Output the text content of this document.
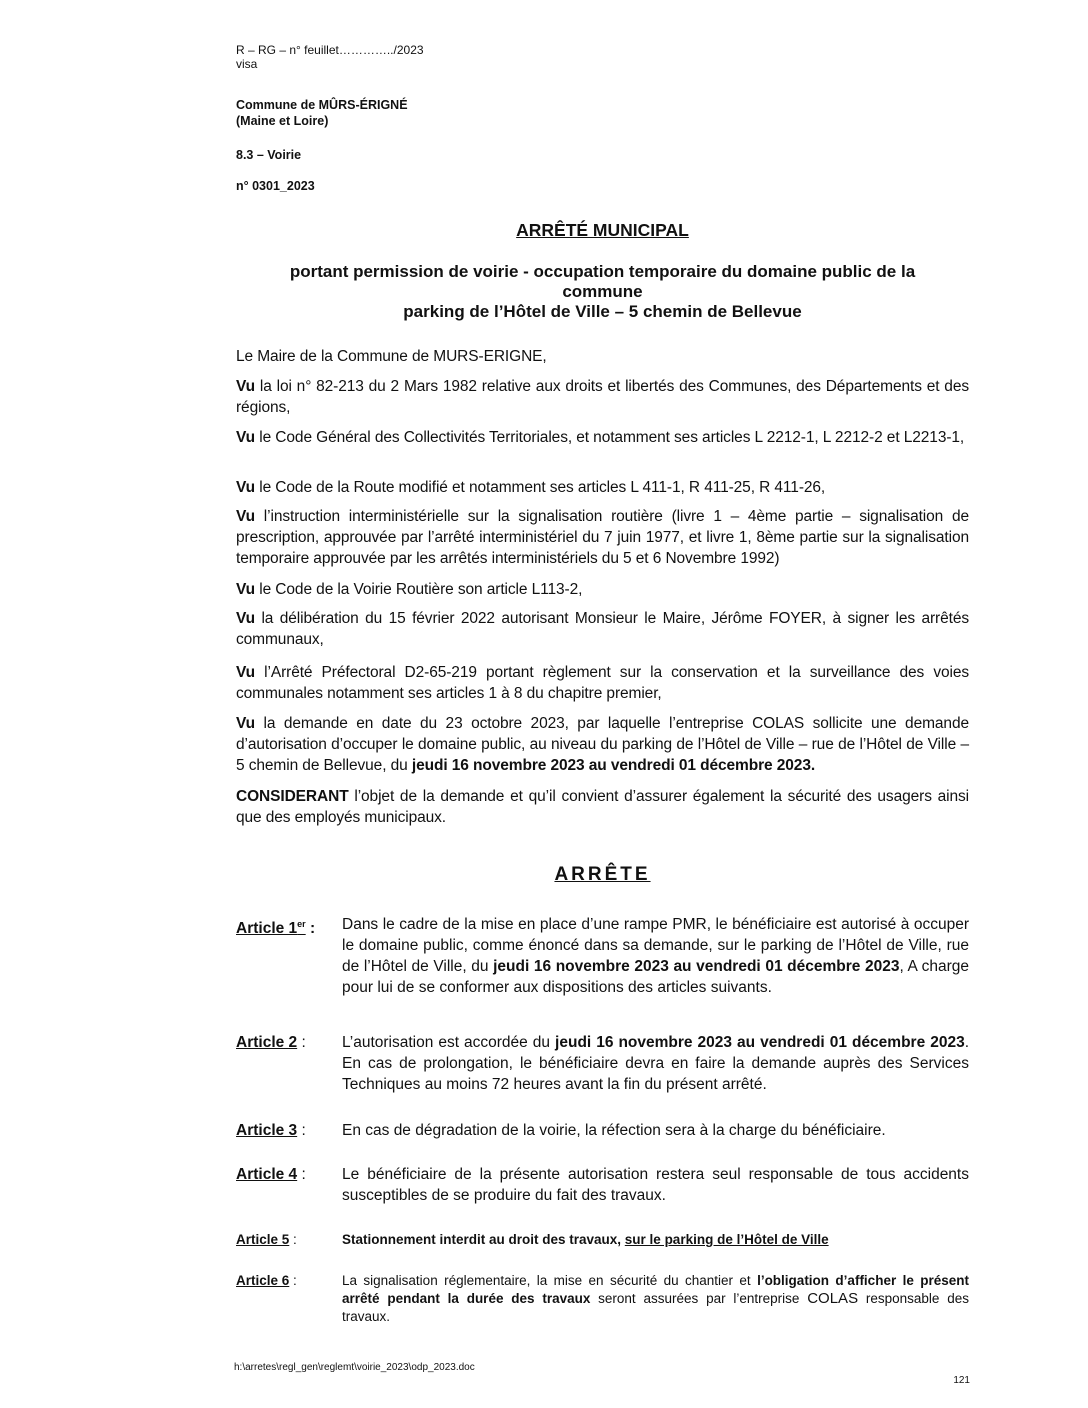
R – RG – n° feuillet…………../2023
visa
Commune de MÛRS-ÉRIGNÉ
(Maine et Loire)
8.3 – Voirie
n° 0301_2023
ARRÊTÉ MUNICIPAL
portant permission de voirie - occupation temporaire du domaine public de la
commune
parking de l’Hôtel de Ville – 5 chemin de Bellevue
Le Maire de la Commune de MURS-ERIGNE,
Vu la loi n° 82-213 du 2 Mars 1982 relative aux droits et libertés des Communes, des Départements et des régions,
Vu le Code Général des Collectivités Territoriales, et notamment ses articles L 2212-1, L 2212-2 et L2213-1,
Vu le Code de la Route modifié et notamment ses articles L 411-1, R 411-25, R 411-26,
Vu l’instruction interministérielle sur la signalisation routière (livre 1 – 4ème partie – signalisation de prescription, approuvée par l’arrêté interministériel du 7 juin 1977, et livre 1, 8ème partie sur la signalisation temporaire approuvée par les arrêtés interministériels du 5 et 6 Novembre 1992)
Vu le Code de la Voirie Routière son article L113-2,
Vu la délibération du 15 février 2022 autorisant Monsieur le Maire, Jérôme FOYER, à signer les arrêtés communaux,
Vu l’Arrêté Préfectoral D2-65-219 portant règlement sur la conservation et la surveillance des voies communales notamment ses articles 1 à 8 du chapitre premier,
Vu la demande en date du 23 octobre 2023, par laquelle l’entreprise COLAS sollicite une demande d’autorisation d’occuper le domaine public, au niveau du parking de l’Hôtel de Ville – rue de l’Hôtel de Ville – 5 chemin de Bellevue, du jeudi 16 novembre 2023 au vendredi 01 décembre 2023.
CONSIDERANT l’objet de la demande et qu’il convient d’assurer également la sécurité des usagers ainsi que des employés municipaux.
ARRÊTE
Article 1er :	Dans le cadre de la mise en place d’une rampe PMR, le bénéficiaire est autorisé à occuper le domaine public, comme énoncé dans sa demande, sur le parking de l’Hôtel de Ville, rue de l’Hôtel de Ville, du jeudi 16 novembre 2023 au vendredi 01 décembre 2023, A charge pour lui de se conformer aux dispositions des articles suivants.
Article 2 :	L’autorisation est accordée du jeudi 16 novembre 2023 au vendredi 01 décembre 2023. En cas de prolongation, le bénéficiaire devra en faire la demande auprès des Services Techniques au moins 72 heures avant la fin du présent arrêté.
Article 3 :	En cas de dégradation de la voirie, la réfection sera à la charge du bénéficiaire.
Article 4 :	Le bénéficiaire de la présente autorisation restera seul responsable de tous accidents susceptibles de se produire du fait des travaux.
Article 5 :	Stationnement interdit au droit des travaux, sur le parking de l’Hôtel de Ville
Article 6 :	La signalisation réglementaire, la mise en sécurité du chantier et l’obligation d’afficher le présent arrêté pendant la durée des travaux seront assurées par l’entreprise COLAS responsable des travaux.
h:\arretes\regl_gen\reglemt\voirie_2023\odp_2023.doc
121
